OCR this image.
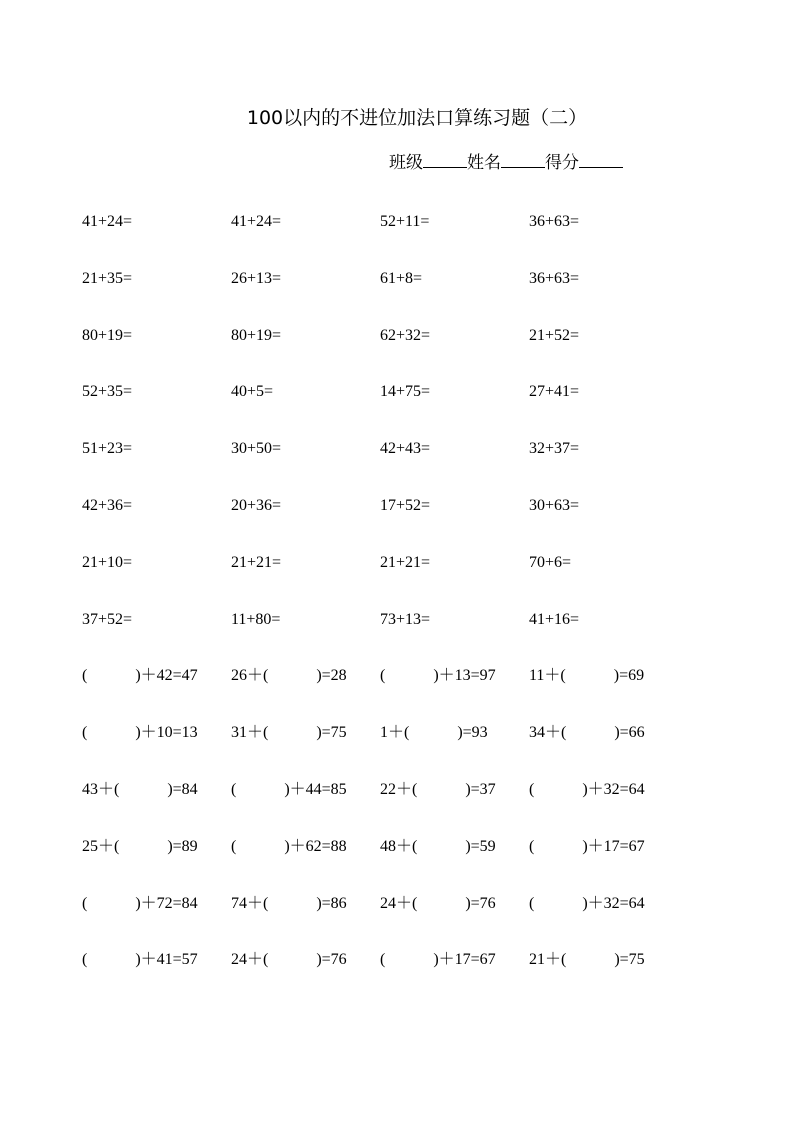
100以内的不进位加法口算练习题（二）
班级	姓名	得分
41+24=	41+24=	52+11=	36+63=
21+35=	26+13=	61+8=	36+63=
80+19=	80+19=	62+32=	21+52=
52+35=	40+5=	14+75=	27+41=
51+23=	30+50=	42+43=	32+37=
42+36=	20+36=	17+52=	30+63=
21+10=	21+21=	21+21=	70+6=
37+52=	11+80=	73+13=	41+16=
(　　　)＋42=47 26＋(　　　)=28 (　　　)＋13=97 11＋(　　　)=69
(　　　)＋10=13 31＋(　　　)=75 1＋(　　　)=93	34＋(　　　)=66
43＋(　　　)=84 (　　　)＋44=85 22＋(　　　)=37 (　　　)＋32=64
25＋(　　　)=89 (　　　)＋62=88 48＋(　　　)=59 (　　　)＋17=67
(　　　)＋72=84 74＋(　　　)=86 24＋(　　　)=76 (　　　)＋32=64
(　　　)＋41=57 24＋(　　　)=76 (　　　)＋17=67 21＋(　　　)=75
